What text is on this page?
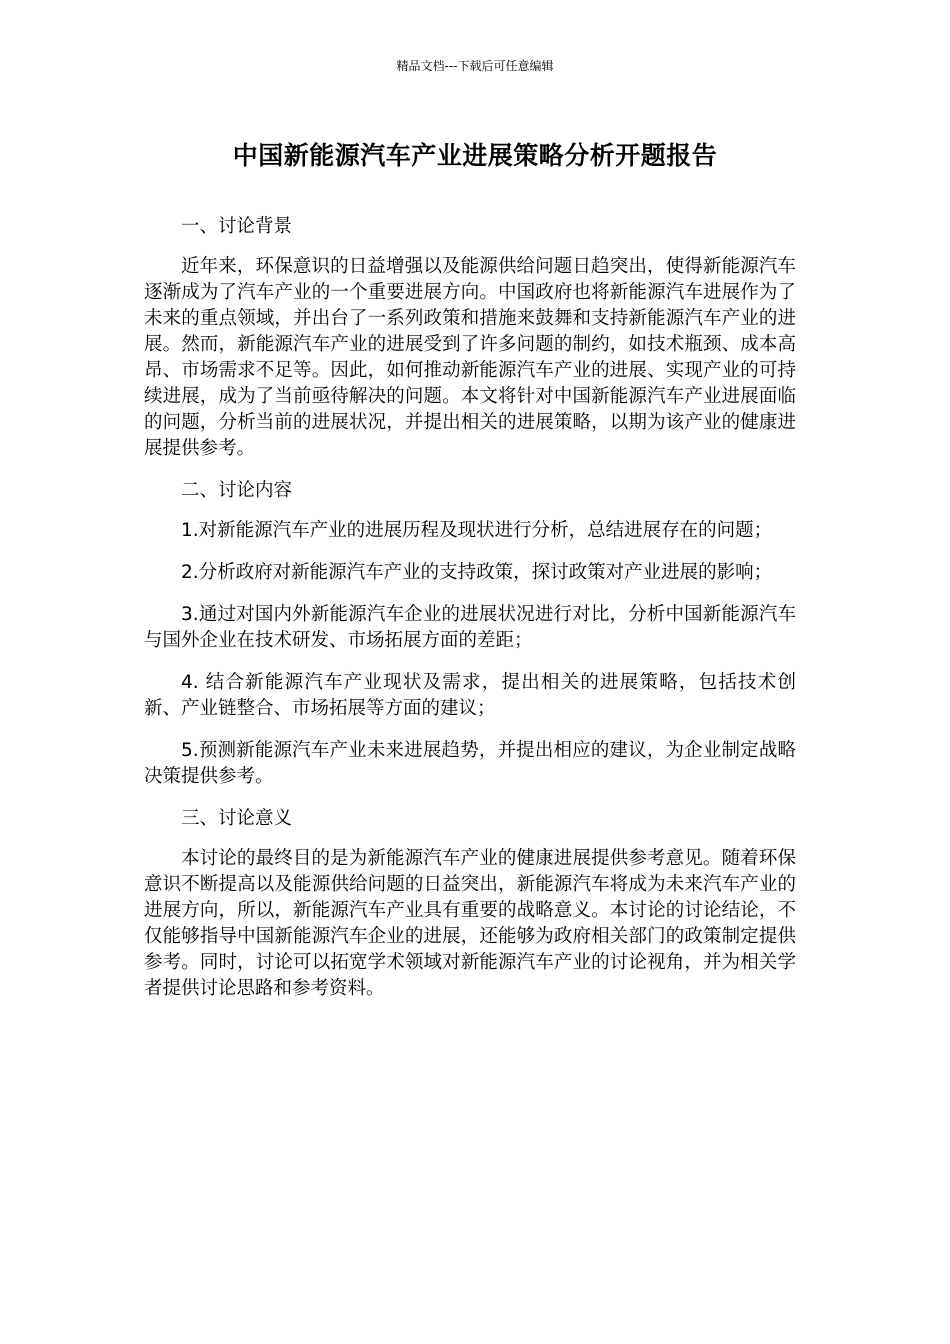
精品文档---下载后可任意编辑
中国新能源汽车产业进展策略分析开题报告

一、讨论背景

近年来，环保意识的日益增强以及能源供给问题日趋突出，使得新能源汽车逐渐成为了汽车产业的一个重要进展方向。中国政府也将新能源汽车进展作为了未来的重点领域，并出台了一系列政策和措施来鼓舞和支持新能源汽车产业的进展。然而，新能源汽车产业的进展受到了许多问题的制约，如技术瓶颈、成本高昂、市场需求不足等。因此，如何推动新能源汽车产业的进展、实现产业的可持续进展，成为了当前亟待解决的问题。本文将针对中国新能源汽车产业进展面临的问题，分析当前的进展状况，并提出相关的进展策略，以期为该产业的健康进展提供参考。

二、讨论内容

1.对新能源汽车产业的进展历程及现状进行分析，总结进展存在的问题；

2.分析政府对新能源汽车产业的支持政策，探讨政策对产业进展的影响；

3.通过对国内外新能源汽车企业的进展状况进行对比，分析中国新能源汽车与国外企业在技术研发、市场拓展方面的差距；

4. 结合新能源汽车产业现状及需求，提出相关的进展策略，包括技术创新、产业链整合、市场拓展等方面的建议；

5.预测新能源汽车产业未来进展趋势，并提出相应的建议，为企业制定战略决策提供参考。

三、讨论意义

本讨论的最终目的是为新能源汽车产业的健康进展提供参考意见。随着环保意识不断提高以及能源供给问题的日益突出，新能源汽车将成为未来汽车产业的进展方向，所以，新能源汽车产业具有重要的战略意义。本讨论的讨论结论，不仅能够指导中国新能源汽车企业的进展，还能够为政府相关部门的政策制定提供参考。同时，讨论可以拓宽学术领域对新能源汽车产业的讨论视角，并为相关学者提供讨论思路和参考资料。
